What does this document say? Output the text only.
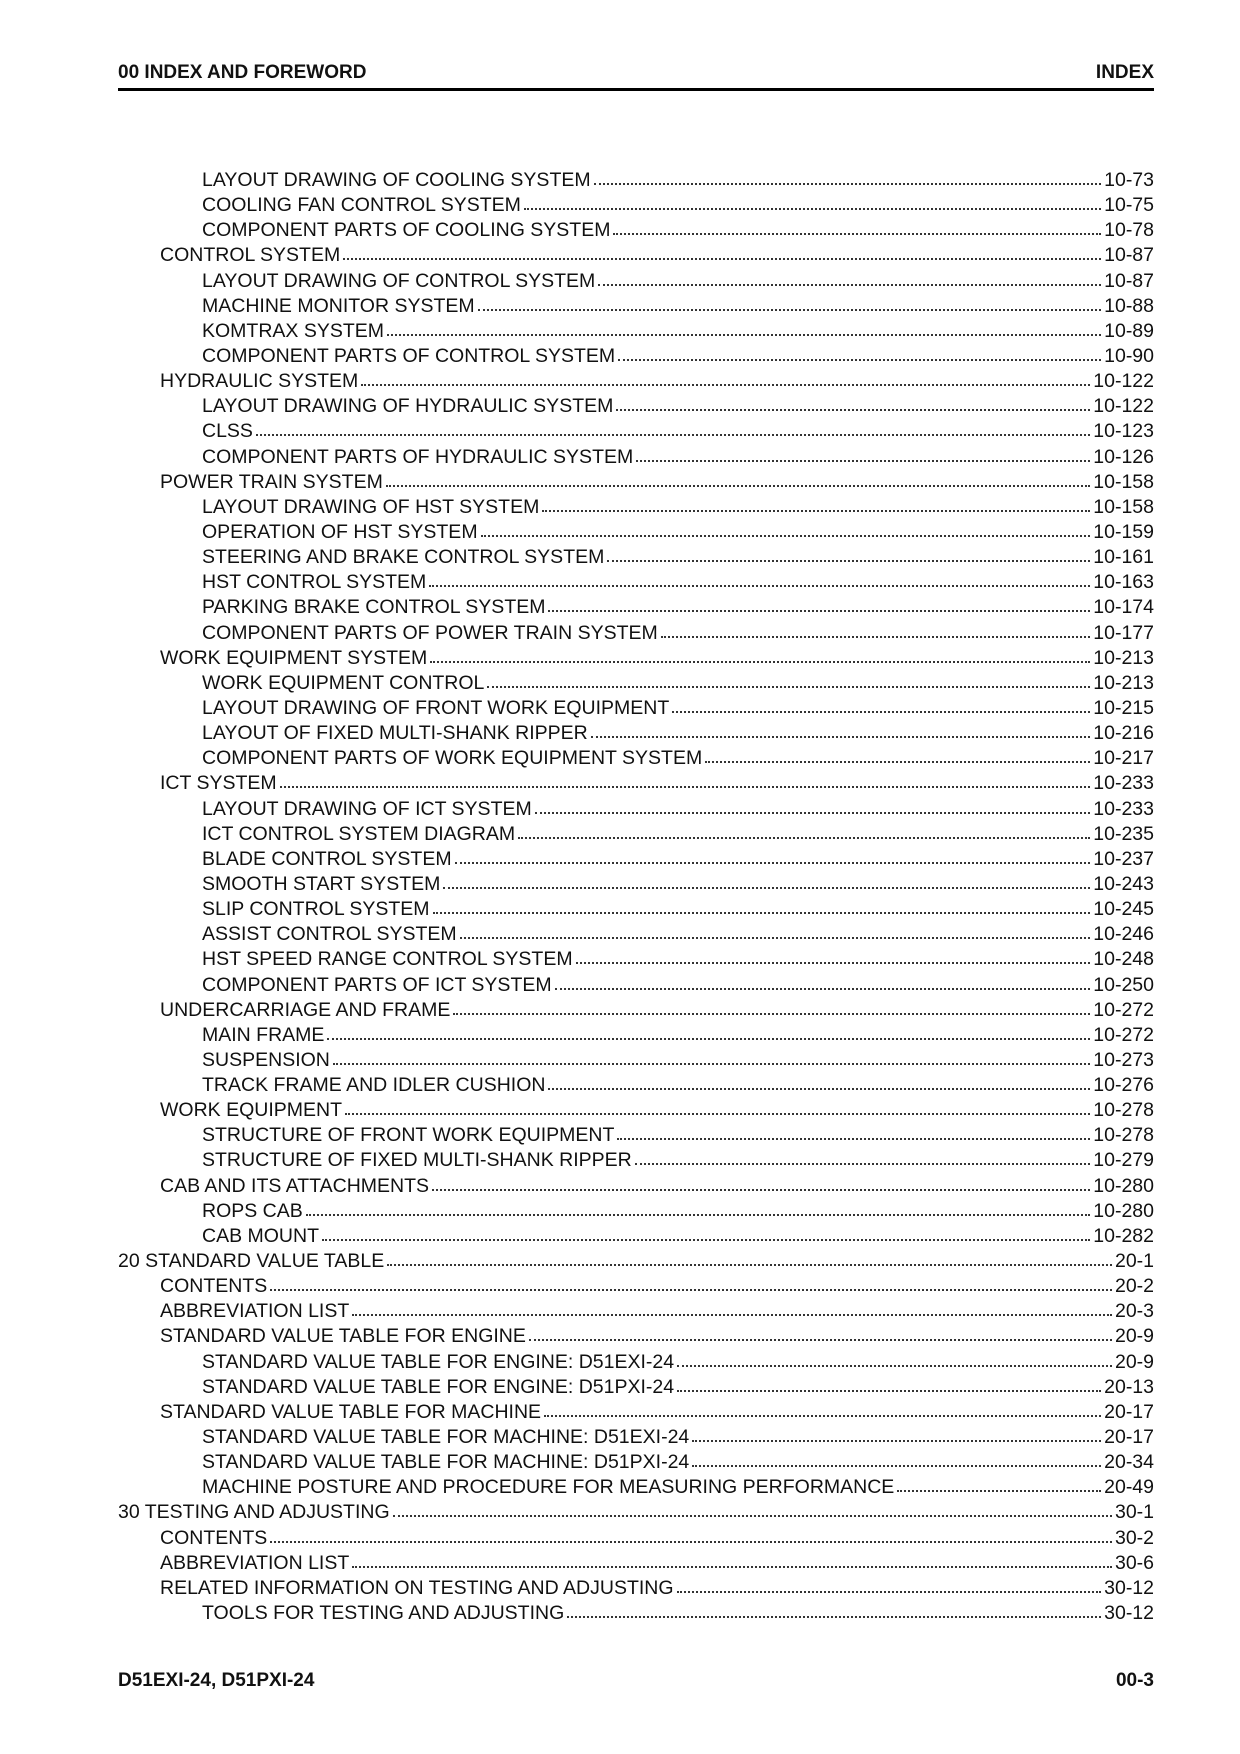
00 INDEX AND FOREWORD	INDEX
LAYOUT DRAWING OF COOLING SYSTEM	10-73
COOLING FAN CONTROL SYSTEM	10-75
COMPONENT PARTS OF COOLING SYSTEM	10-78
CONTROL SYSTEM	10-87
LAYOUT DRAWING OF CONTROL SYSTEM	10-87
MACHINE MONITOR SYSTEM	10-88
KOMTRAX SYSTEM	10-89
COMPONENT PARTS OF CONTROL SYSTEM	10-90
HYDRAULIC SYSTEM	10-122
LAYOUT DRAWING OF HYDRAULIC SYSTEM	10-122
CLSS	10-123
COMPONENT PARTS OF HYDRAULIC SYSTEM	10-126
POWER TRAIN SYSTEM	10-158
LAYOUT DRAWING OF HST SYSTEM	10-158
OPERATION OF HST SYSTEM	10-159
STEERING AND BRAKE CONTROL SYSTEM	10-161
HST CONTROL SYSTEM	10-163
PARKING BRAKE CONTROL SYSTEM	10-174
COMPONENT PARTS OF POWER TRAIN SYSTEM	10-177
WORK EQUIPMENT SYSTEM	10-213
WORK EQUIPMENT CONTROL	10-213
LAYOUT DRAWING OF FRONT WORK EQUIPMENT	10-215
LAYOUT OF FIXED MULTI-SHANK RIPPER	10-216
COMPONENT PARTS OF WORK EQUIPMENT SYSTEM	10-217
ICT SYSTEM	10-233
LAYOUT DRAWING OF ICT SYSTEM	10-233
ICT CONTROL SYSTEM DIAGRAM	10-235
BLADE CONTROL SYSTEM	10-237
SMOOTH START SYSTEM	10-243
SLIP CONTROL SYSTEM	10-245
ASSIST CONTROL SYSTEM	10-246
HST SPEED RANGE CONTROL SYSTEM	10-248
COMPONENT PARTS OF ICT SYSTEM	10-250
UNDERCARRIAGE AND FRAME	10-272
MAIN FRAME	10-272
SUSPENSION	10-273
TRACK FRAME AND IDLER CUSHION	10-276
WORK EQUIPMENT	10-278
STRUCTURE OF FRONT WORK EQUIPMENT	10-278
STRUCTURE OF FIXED MULTI-SHANK RIPPER	10-279
CAB AND ITS ATTACHMENTS	10-280
ROPS CAB	10-280
CAB MOUNT	10-282
20 STANDARD VALUE TABLE	20-1
CONTENTS	20-2
ABBREVIATION LIST	20-3
STANDARD VALUE TABLE FOR ENGINE	20-9
STANDARD VALUE TABLE FOR ENGINE: D51EXI-24	20-9
STANDARD VALUE TABLE FOR ENGINE: D51PXI-24	20-13
STANDARD VALUE TABLE FOR MACHINE	20-17
STANDARD VALUE TABLE FOR MACHINE: D51EXI-24	20-17
STANDARD VALUE TABLE FOR MACHINE: D51PXI-24	20-34
MACHINE POSTURE AND PROCEDURE FOR MEASURING PERFORMANCE	20-49
30 TESTING AND ADJUSTING	30-1
CONTENTS	30-2
ABBREVIATION LIST	30-6
RELATED INFORMATION ON TESTING AND ADJUSTING	30-12
TOOLS FOR TESTING AND ADJUSTING	30-12
D51EXI-24, D51PXI-24	00-3
